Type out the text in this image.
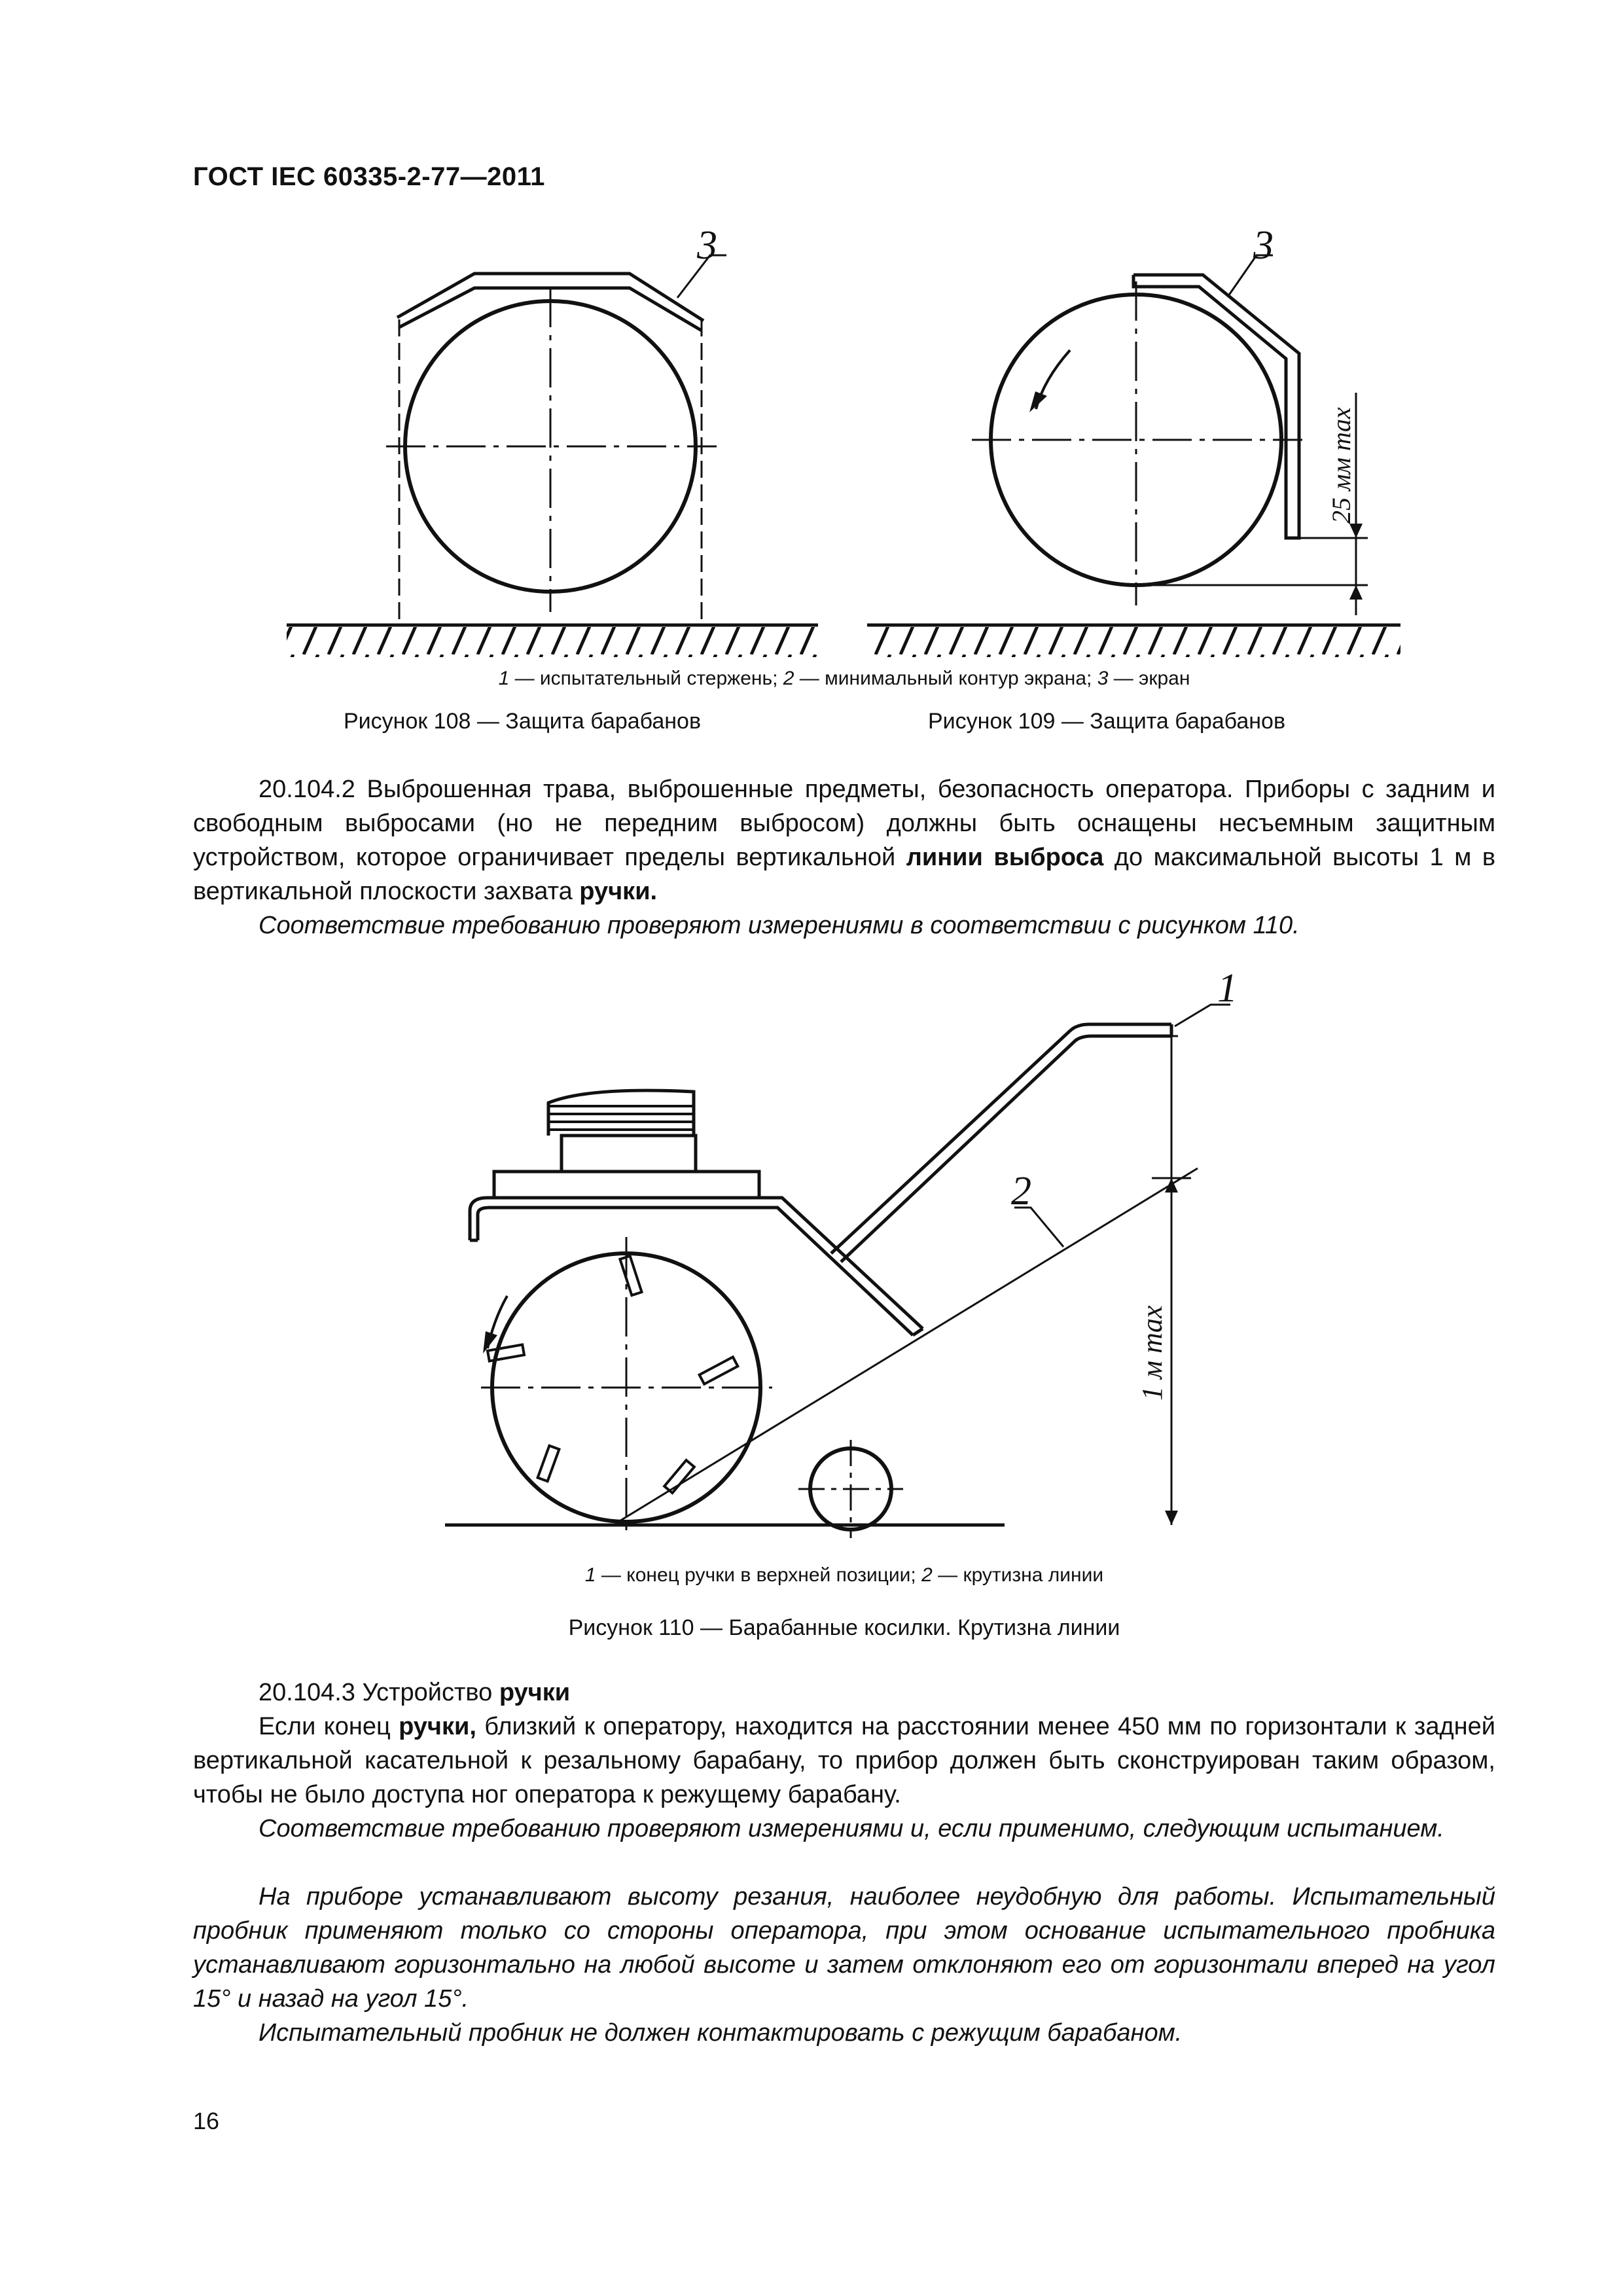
ГОСТ IEC 60335-2-77—2011
3	3
25 мм max
1 — испытательный стержень; 2 — минимальный контур экрана; 3 — экран
Рисунок 108 — Защита барабанов	Рисунок 109 — Защита барабанов
20.104.2 Выброшенная трава, выброшенные предметы, безопасность оператора. Приборы с задним и свободным выбросами (но не передним выбросом) должны быть оснащены несъемным защитным устройством, которое ограничивает пределы вертикальной линии выброса до максимальной высоты 1 м в вертикальной плоскости захвата ручки.
Соответствие требованию проверяют измерениями в соответствии с рисунком 110.
1
2
1 м max
1 — конец ручки в верхней позиции; 2 — крутизна линии
Рисунок 110 — Барабанные косилки. Крутизна линии
20.104.3 Устройство ручки
Если конец ручки, близкий к оператору, находится на расстоянии менее 450 мм по горизонтали к задней вертикальной касательной к резальному барабану, то прибор должен быть сконструирован таким образом, чтобы не было доступа ног оператора к режущему барабану.
Соответствие требованию проверяют измерениями и, если применимо, следующим испытанием.
На приборе устанавливают высоту резания, наиболее неудобную для работы. Испытательный пробник применяют только со стороны оператора, при этом основание испытательного пробника устанавливают горизонтально на любой высоте и затем отклоняют его от горизонтали вперед на угол 15° и назад на угол 15°.
Испытательный пробник не должен контактировать с режущим барабаном.
16
